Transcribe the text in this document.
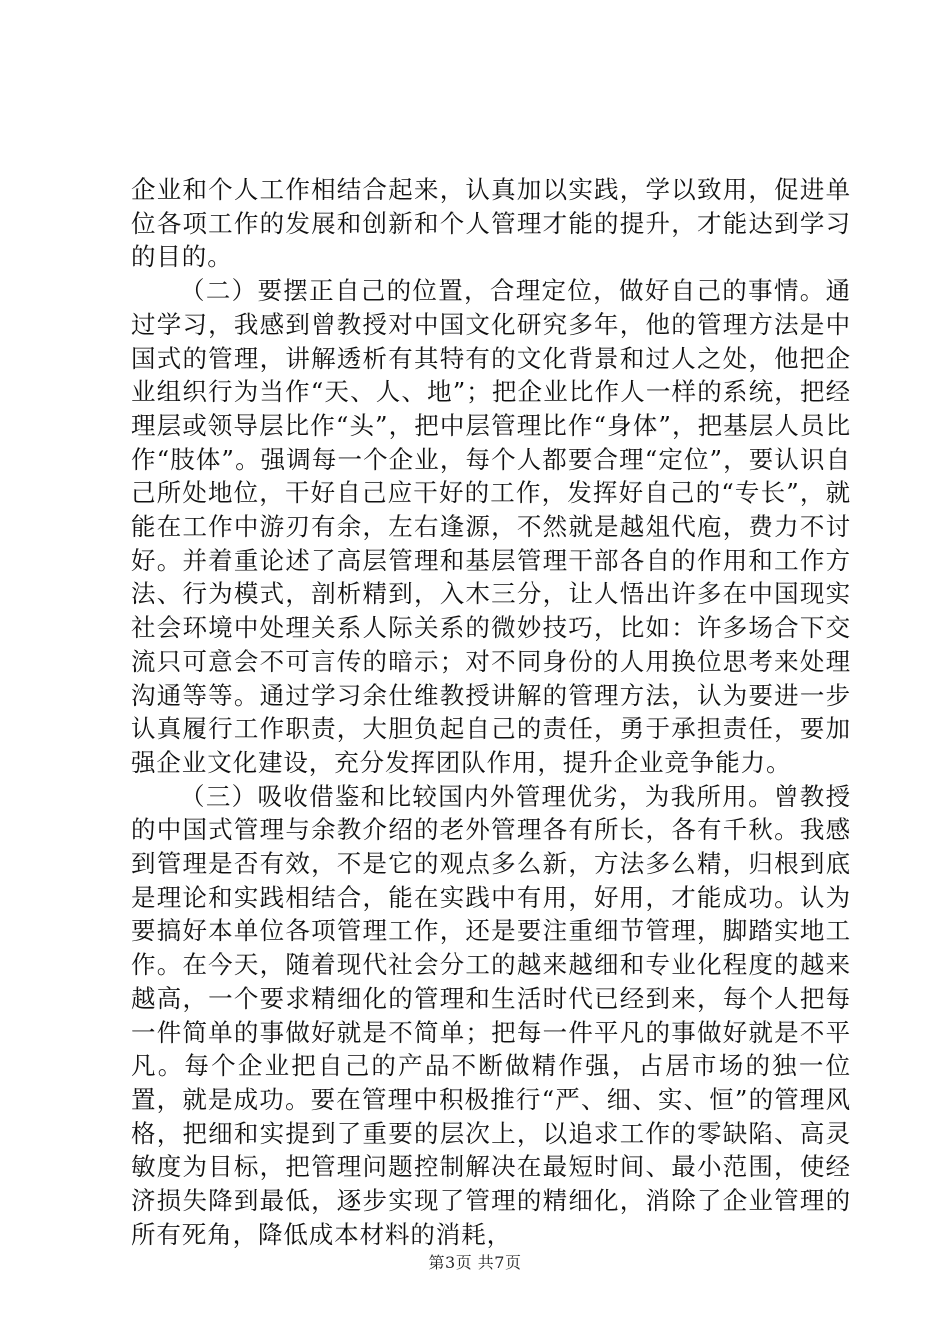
企业和个人工作相结合起来，认真加以实践，学以致用，促进单位各项工作的发展和创新和个人管理才能的提升，才能达到学习的目的。

（二）要摆正自己的位置，合理定位，做好自己的事情。通过学习，我感到曾教授对中国文化研究多年，他的管理方法是中国式的管理，讲解透析有其特有的文化背景和过人之处，他把企业组织行为当作“天、人、地”；把企业比作人一样的系统，把经理层或领导层比作“头”，把中层管理比作“身体”，把基层人员比作“肢体”。强调每一个企业，每个人都要合理“定位”，要认识自己所处地位，干好自己应干好的工作，发挥好自己的“专长”，就能在工作中游刃有余，左右逢源，不然就是越俎代庖，费力不讨好。并着重论述了高层管理和基层管理干部各自的作用和工作方法、行为模式，剖析精到，入木三分，让人悟出许多在中国现实社会环境中处理关系人际关系的微妙技巧，比如：许多场合下交流只可意会不可言传的暗示；对不同身份的人用换位思考来处理沟通等等。通过学习余仕维教授讲解的管理方法，认为要进一步认真履行工作职责，大胆负起自己的责任，勇于承担责任，要加强企业文化建设，充分发挥团队作用，提升企业竞争能力。

（三）吸收借鉴和比较国内外管理优劣，为我所用。曾教授的中国式管理与余教介绍的老外管理各有所长，各有千秋。我感到管理是否有效，不是它的观点多么新，方法多么精，归根到底是理论和实践相结合，能在实践中有用，好用，才能成功。认为要搞好本单位各项管理工作，还是要注重细节管理，脚踏实地工作。在今天，随着现代社会分工的越来越细和专业化程度的越来越高，一个要求精细化的管理和生活时代已经到来，每个人把每一件简单的事做好就是不简单；把每一件平凡的事做好就是不平凡。每个企业把自己的产品不断做精作强，占居市场的独一位置，就是成功。要在管理中积极推行“严、细、实、恒”的管理风格，把细和实提到了重要的层次上，以追求工作的零缺陷、高灵敏度为目标，把管理问题控制解决在最短时间、最小范围，使经济损失降到最低，逐步实现了管理的精细化，消除了企业管理的所有死角，降低成本材料的消耗，

第3页 共7页
